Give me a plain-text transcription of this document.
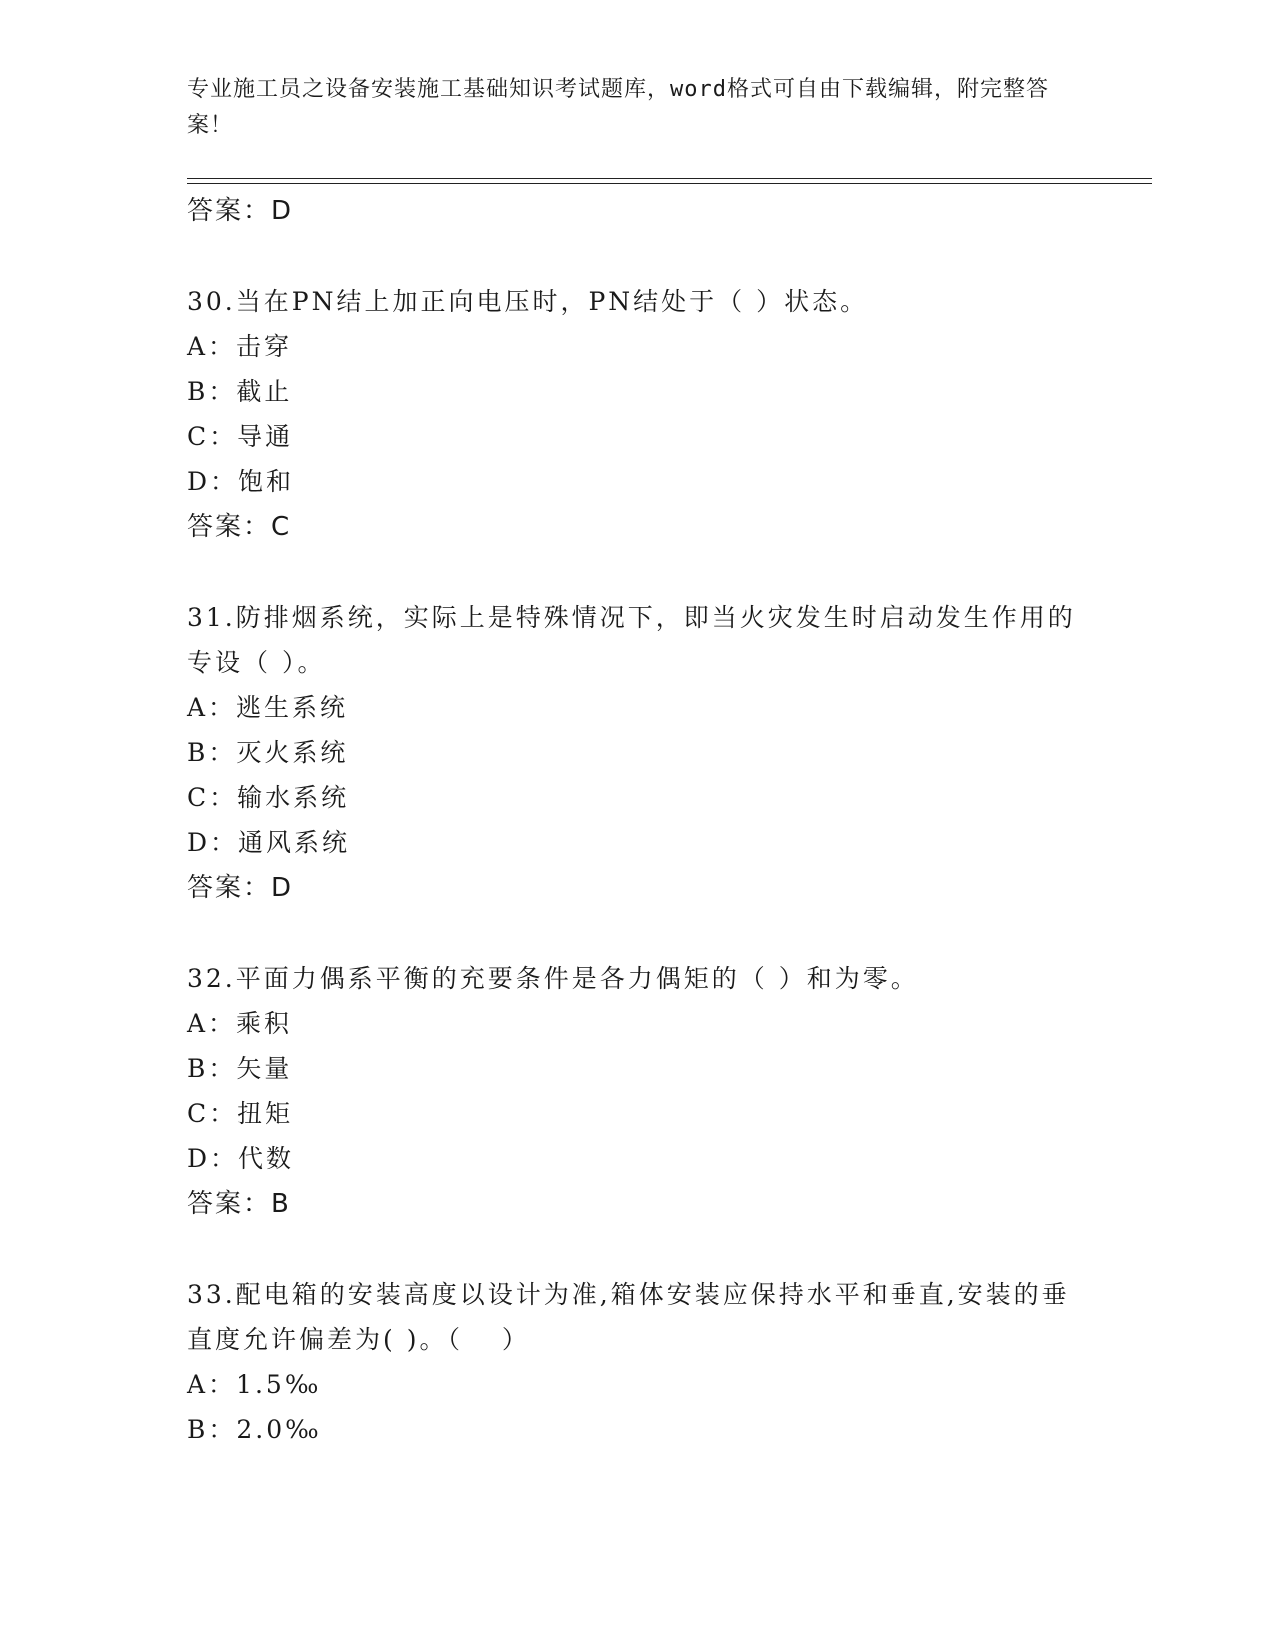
专业施工员之设备安装施工基础知识考试题库，word格式可自由下载编辑，附完整答案！
答案：D
30.当在PN结上加正向电压时，PN结处于（ ）状态。
A：击穿
B：截止
C：导通
D：饱和
答案：C
31.防排烟系统，实际上是特殊情况下，即当火灾发生时启动发生作用的专设（ ）。
A：逃生系统
B：灭火系统
C：输水系统
D：通风系统
答案：D
32.平面力偶系平衡的充要条件是各力偶矩的（ ）和为零。
A：乘积
B：矢量
C：扭矩
D：代数
答案：B
33.配电箱的安装高度以设计为准,箱体安装应保持水平和垂直,安装的垂直度允许偏差为( )。（　 ）
A：1.5‰
B：2.0‰
